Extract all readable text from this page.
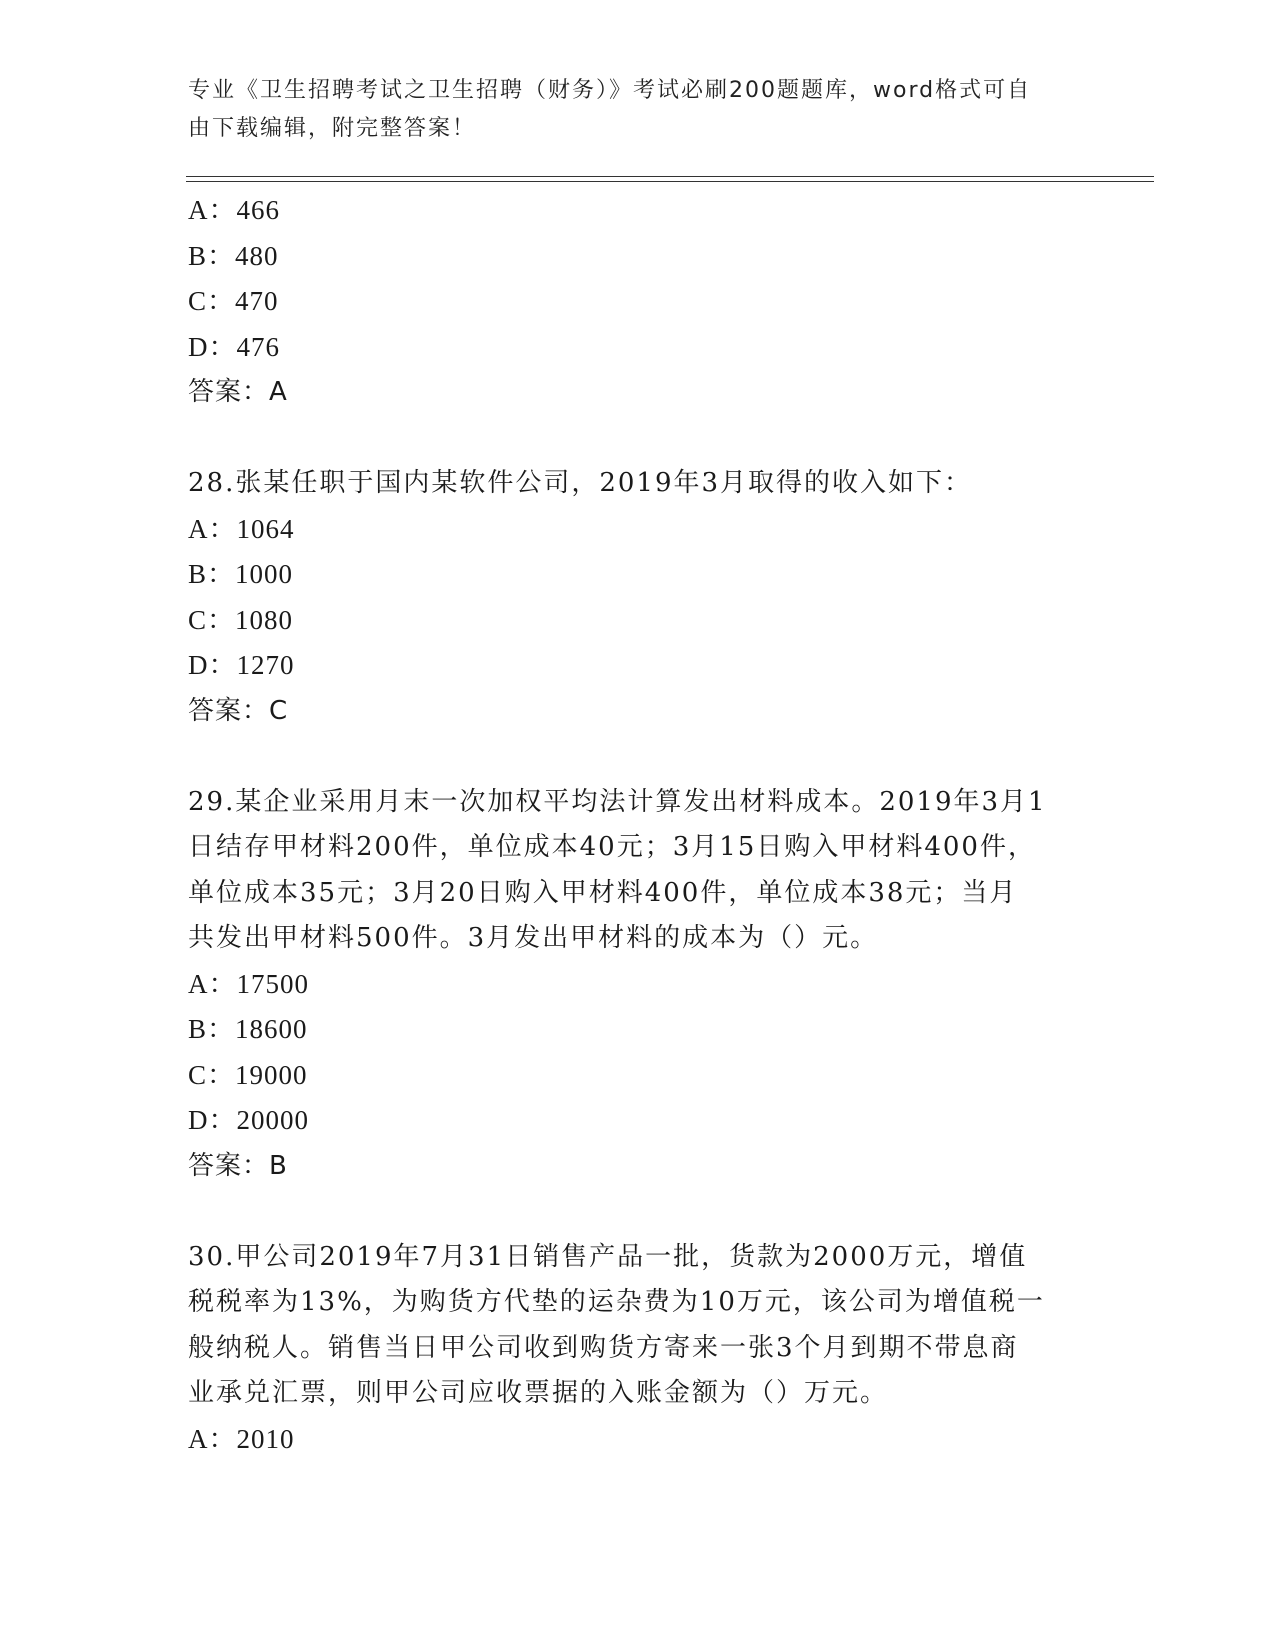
专业《卫生招聘考试之卫生招聘（财务）》考试必刷200题题库，word格式可自
由下载编辑，附完整答案！
A：466
B：480
C：470
D：476
答案：A
28.张某任职于国内某软件公司，2019年3月取得的收入如下：
A：1064
B：1000
C：1080
D：1270
答案：C
29.某企业采用月末一次加权平均法计算发出材料成本。2019年3月1
日结存甲材料200件，单位成本40元；3月15日购入甲材料400件，
单位成本35元；3月20日购入甲材料400件，单位成本38元；当月
共发出甲材料500件。3月发出甲材料的成本为（）元。
A：17500
B：18600
C：19000
D：20000
答案：B
30.甲公司2019年7月31日销售产品一批，货款为2000万元，增值
税税率为13%，为购货方代垫的运杂费为10万元，该公司为增值税一
般纳税人。销售当日甲公司收到购货方寄来一张3个月到期不带息商
业承兑汇票，则甲公司应收票据的入账金额为（）万元。
A：2010
